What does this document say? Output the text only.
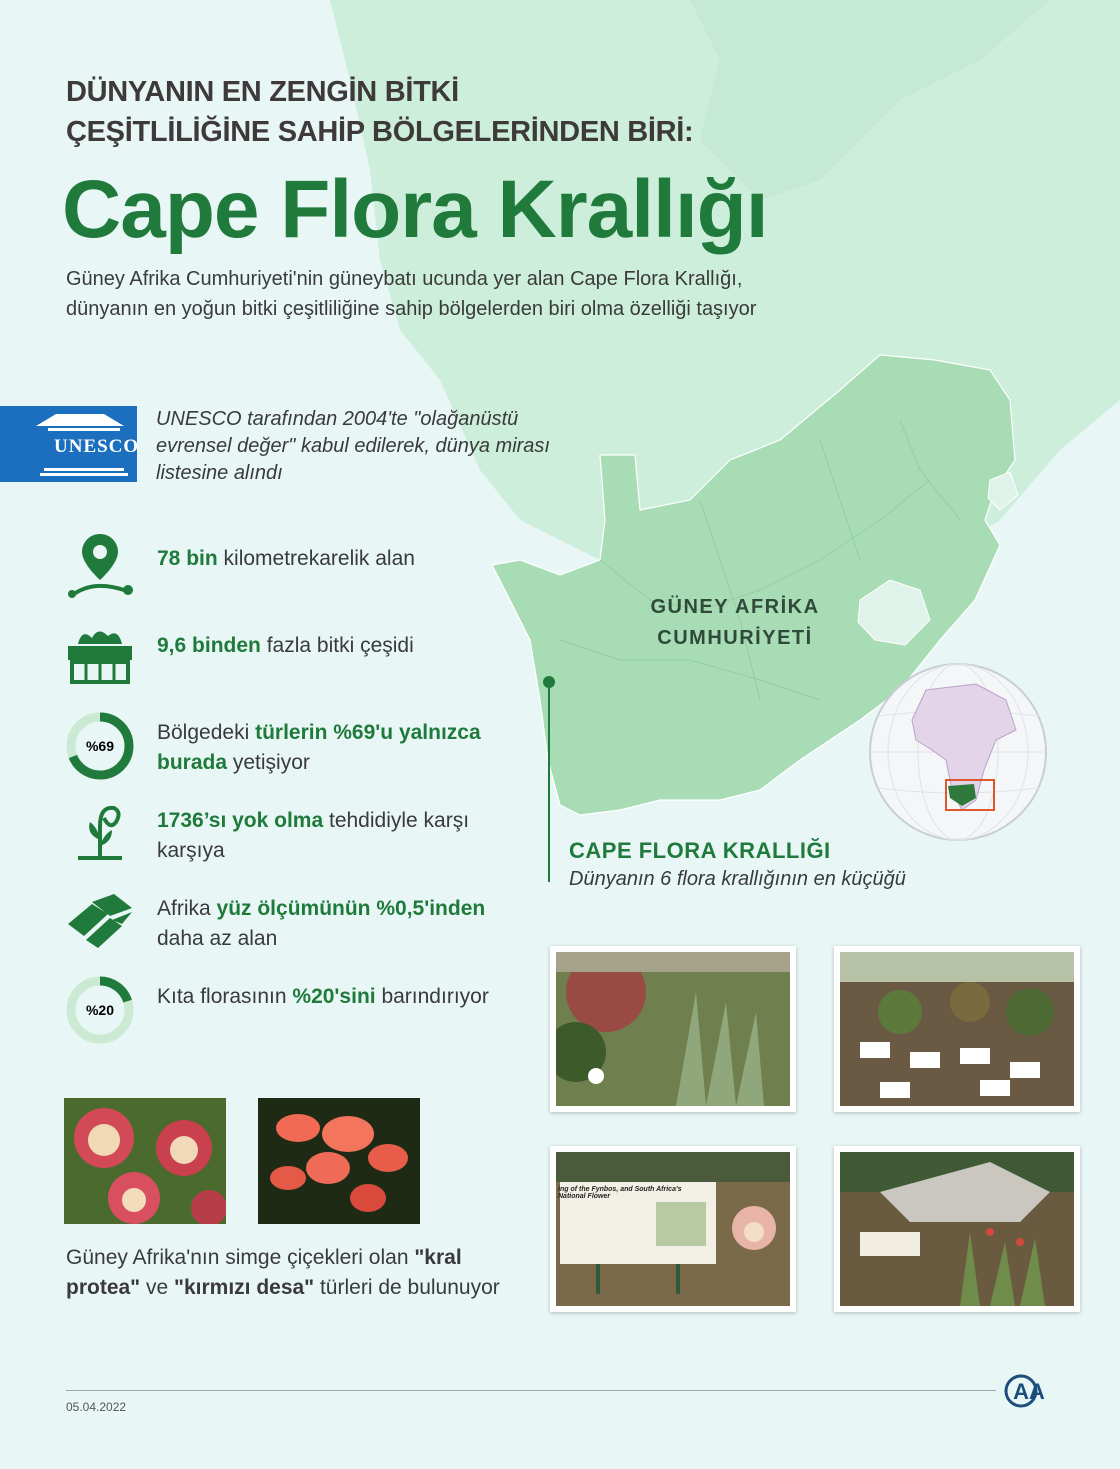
DÜNYANIN EN ZENGİN BİTKİ
ÇEŞİTLİLİĞİNE SAHİP BÖLGELERİNDEN BİRİ:
Cape Flora Krallığı
Güney Afrika Cumhuriyeti'nin güneybatı ucunda yer alan Cape Flora Krallığı, dünyanın en yoğun bitki çeşitliliğine sahip bölgelerden biri olma özelliği taşıyor
UNESCO
UNESCO tarafından 2004'te "olağanüstü evrensel değer" kabul edilerek, dünya mirası listesine alındı
78 bin kilometrekarelik alan
9,6 binden fazla bitki çeşidi
%69
Bölgedeki türlerin %69'u yalnızca burada yetişiyor
1736’sı yok olma tehdidiyle karşı karşıya
Afrika yüz ölçümünün %0,5'inden daha az alan
%20
Kıta florasının %20'sini barındırıyor
GÜNEY AFRİKA
CUMHURİYETİ
CAPE FLORA KRALLIĞI
Dünyanın 6 flora krallığının en küçüğü
Güney Afrika'nın simge çiçekleri olan "kral protea" ve "kırmızı desa" türleri de bulunuyor
ing of the Fynbos, and South Africa's National Flower
05.04.2022
AA
